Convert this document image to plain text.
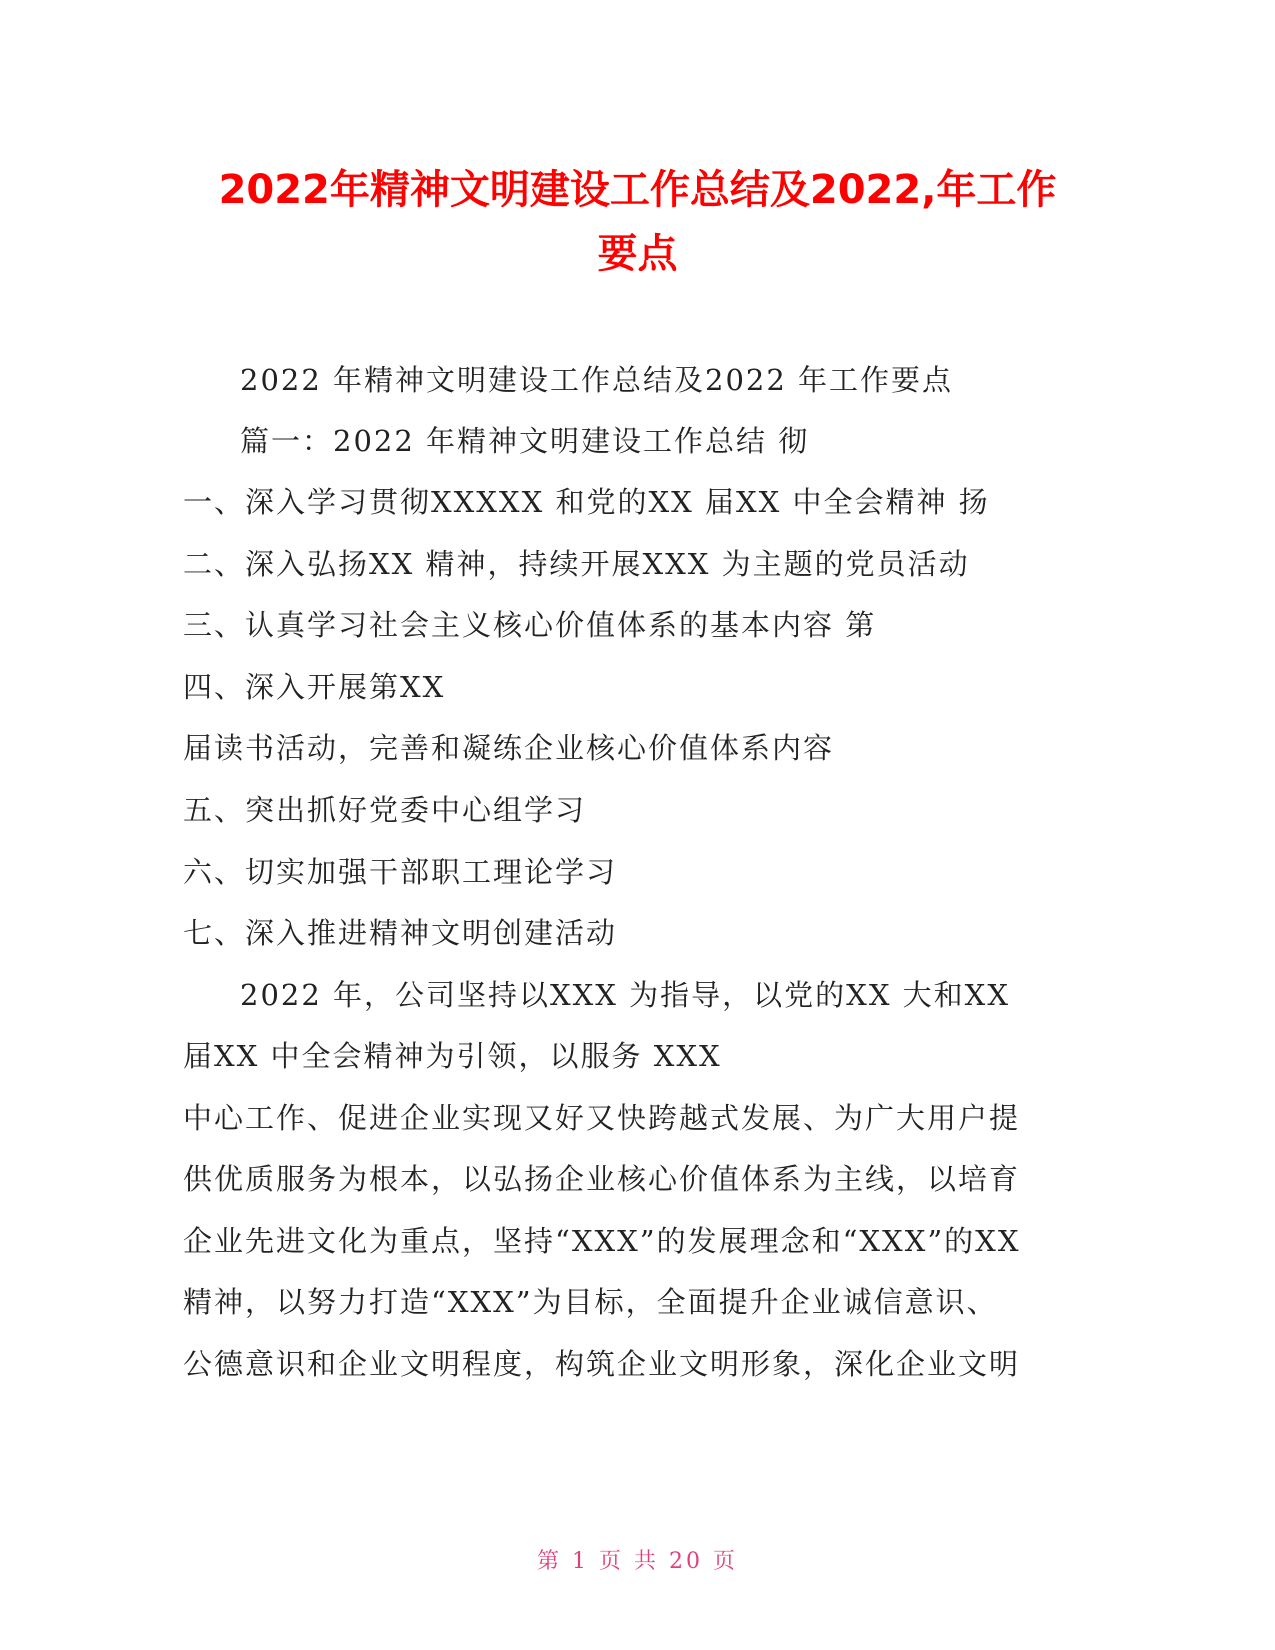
2022年精神文明建设工作总结及2022,年工作
要点
2022 年精神文明建设工作总结及2022 年工作要点
篇一：2022 年精神文明建设工作总结 彻
一、深入学习贯彻XXXXX 和党的XX 届XX 中全会精神 扬
二、深入弘扬XX 精神，持续开展XXX 为主题的党员活动
三、认真学习社会主义核心价值体系的基本内容 第
四、深入开展第XX
届读书活动，完善和凝练企业核心价值体系内容
五、突出抓好党委中心组学习
六、切实加强干部职工理论学习
七、深入推进精神文明创建活动
2022 年，公司坚持以XXX 为指导，以党的XX 大和XX
届XX 中全会精神为引领，以服务 XXX
中心工作、促进企业实现又好又快跨越式发展、为广大用户提
供优质服务为根本，以弘扬企业核心价值体系为主线，以培育
企业先进文化为重点，坚持“XXX”的发展理念和“XXX”的XX
精神，以努力打造“XXX”为目标，全面提升企业诚信意识、
公德意识和企业文明程度，构筑企业文明形象，深化企业文明
第 1 页 共 20 页
